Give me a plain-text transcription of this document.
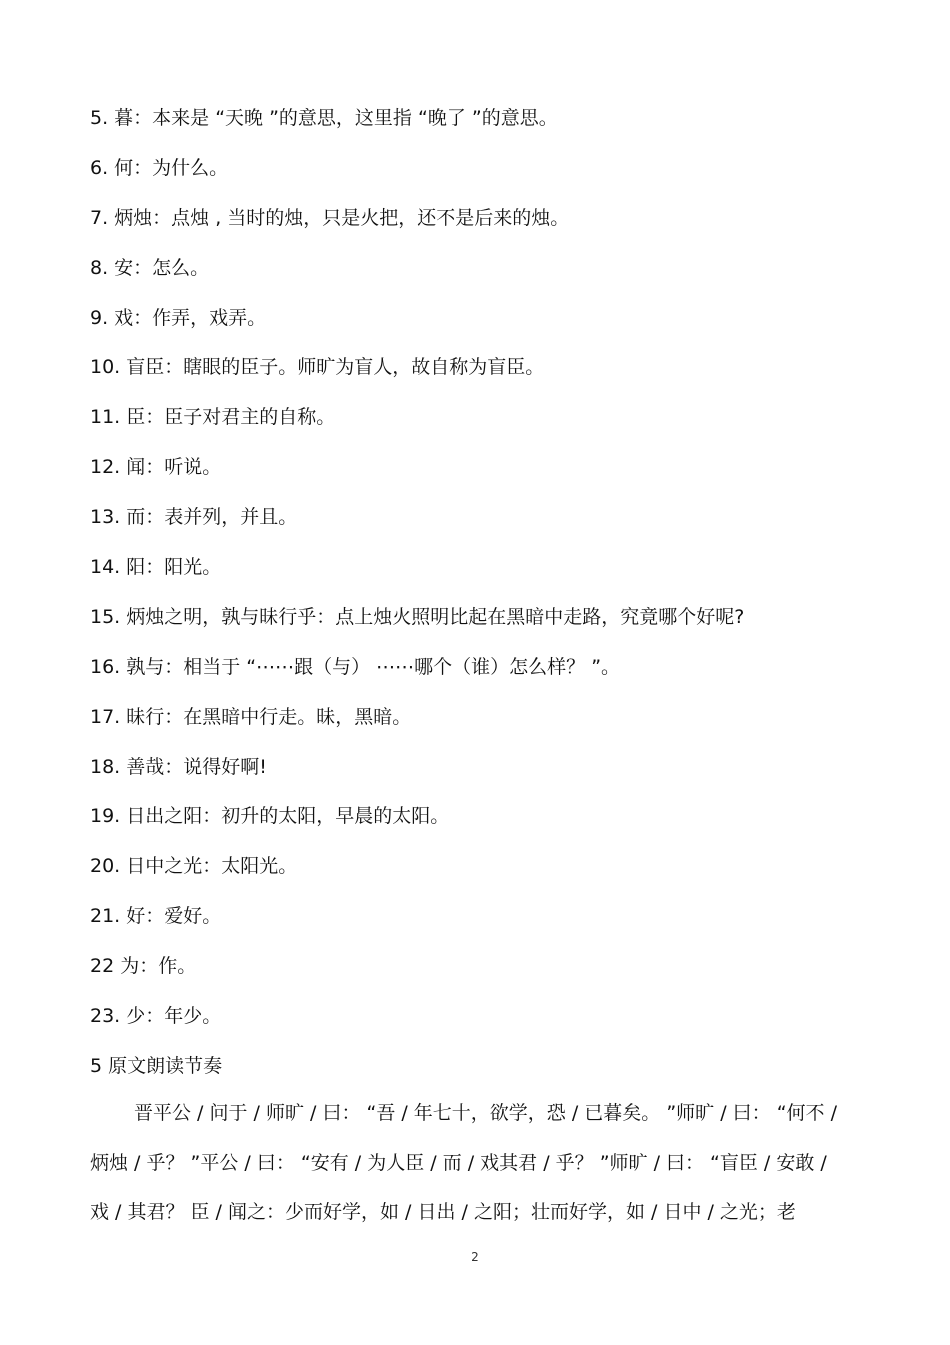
5. 暮：本来是 “天晚 ”的意思，这里指 “晚了 ”的意思。
6. 何：为什么。
7. 炳烛：点烛 , 当时的烛，只是火把，还不是后来的烛。
8. 安：怎么。
9. 戏：作弄，戏弄。
10. 盲臣：瞎眼的臣子。师旷为盲人，故自称为盲臣。
11. 臣：臣子对君主的自称。
12. 闻：听说。
13. 而：表并列，并且。
14. 阳：阳光。
15. 炳烛之明，孰与昧行乎：点上烛火照明比起在黑暗中走路，究竟哪个好呢?
16. 孰与：相当于 “⋯⋯跟（与） ⋯⋯哪个（谁）怎么样？ ”。
17. 昧行：在黑暗中行走。昧，黑暗。
18. 善哉：说得好啊!
19. 日出之阳：初升的太阳，早晨的太阳。
20. 日中之光：太阳光。
21. 好：爱好。
22 为：作。
23. 少：年少。
5 原文朗读节奏
晋平公 / 问于 / 师旷 / 曰： “吾 / 年七十，欲学，恐 / 已暮矣。 ”师旷 / 曰： “何不 /
炳烛 / 乎？ ”平公 / 曰： “安有 / 为人臣 / 而 / 戏其君 / 乎？ ”师旷 / 曰： “盲臣 / 安敢 /
戏 / 其君？ 臣 / 闻之：少而好学，如 / 日出 / 之阳；壮而好学，如 / 日中 / 之光；老
2
